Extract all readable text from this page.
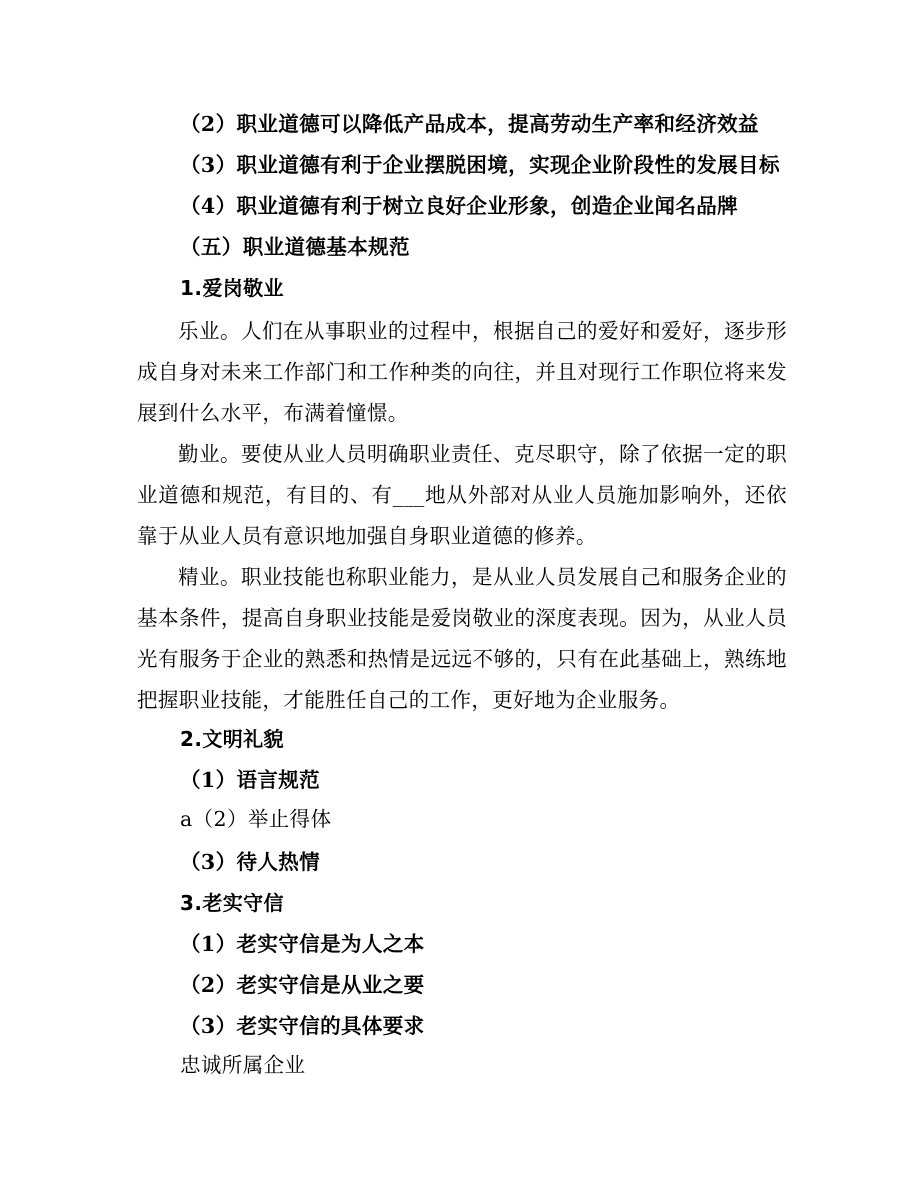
（2）职业道德可以降低产品成本，提高劳动生产率和经济效益
（3）职业道德有利于企业摆脱困境，实现企业阶段性的发展目标
（4）职业道德有利于树立良好企业形象，创造企业闻名品牌
（五）职业道德基本规范
1.爱岗敬业

乐业。人们在从事职业的过程中，根据自己的爱好和爱好，逐步形成自身对未来工作部门和工作种类的向往，并且对现行工作职位将来发展到什么水平，布满着憧憬。

勤业。要使从业人员明确职业责任、克尽职守，除了依据一定的职业道德和规范，有目的、有___地从外部对从业人员施加影响外，还依靠于从业人员有意识地加强自身职业道德的修养。

精业。职业技能也称职业能力，是从业人员发展自己和服务企业的基本条件，提高自身职业技能是爱岗敬业的深度表现。因为，从业人员光有服务于企业的熟悉和热情是远远不够的，只有在此基础上，熟练地把握职业技能，才能胜任自己的工作，更好地为企业服务。

2.文明礼貌
（1）语言规范
a（2）举止得体
（3）待人热情
3.老实守信
（1）老实守信是为人之本
（2）老实守信是从业之要
（3）老实守信的具体要求
忠诚所属企业
